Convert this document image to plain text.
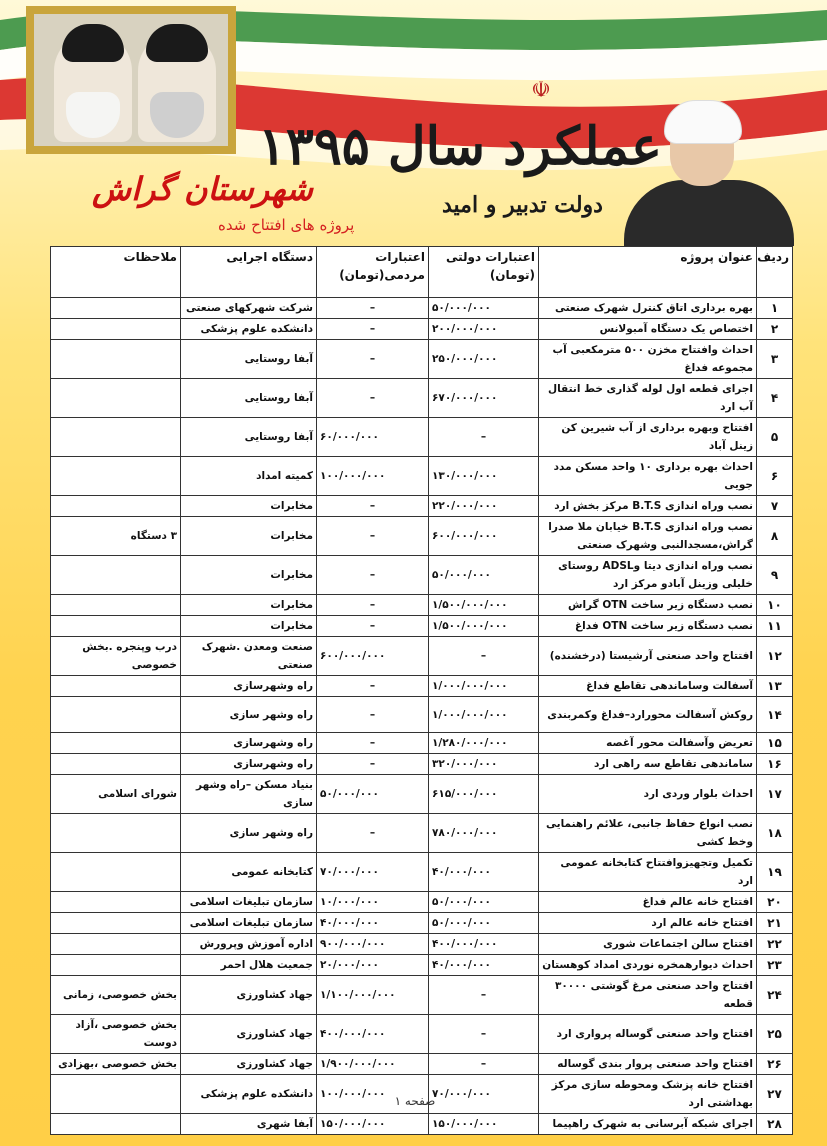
☫
عملکرد سال ۱۳۹۵
دولت تدبیر و امید
شهرستان گراش
پروژه های افتتاح شده
ردیف	عنوان پروژه	اعتبارات دولتی (تومان)	اعتبارات مردمی(تومان)	دستگاه اجرایی	ملاحظات
۱	بهره برداری اتاق کنترل شهرک صنعتی	۵۰/۰۰۰/۰۰۰	–	شرکت شهرکهای صنعتی	
۲	اختصاص یک دستگاه آمبولانس	۲۰۰/۰۰۰/۰۰۰	–	دانشکده علوم پزشکی	
۳	احداث وافتتاح مخزن ۵۰۰ مترمکعبی آب مجموعه فداغ	۲۵۰/۰۰۰/۰۰۰	–	آبفا روستایی	
۴	اجرای قطعه اول لوله گذاری خط انتقال آب ارد	۶۷۰/۰۰۰/۰۰۰	–	آبفا روستایی	
۵	افتتاح وبهره برداری از آب شیرین کن زینل آباد	–	۶۰/۰۰۰/۰۰۰	آبفا روستایی	
۶	احداث بهره برداری ۱۰ واحد مسکن مدد جویی	۱۳۰/۰۰۰/۰۰۰	۱۰۰/۰۰۰/۰۰۰	کمیته امداد	
۷	نصب وراه اندازی B.T.S مرکز بخش ارد	۲۲۰/۰۰۰/۰۰۰	–	مخابرات	
۸	نصب وراه اندازی B.T.S خیابان ملا صدرا گراش،مسجدالنبی وشهرک صنعتی	۶۰۰/۰۰۰/۰۰۰	–	مخابرات	۳ دستگاه
۹	نصب وراه اندازی دیتا وADSL روستای خلیلی وزینل آبادو مرکز ارد	۵۰/۰۰۰/۰۰۰	–	مخابرات	
۱۰	نصب دستگاه زیر ساخت OTN گراش	۱/۵۰۰/۰۰۰/۰۰۰	–	مخابرات	
۱۱	نصب دستگاه زیر ساخت OTN فداغ	۱/۵۰۰/۰۰۰/۰۰۰	–	مخابرات	
۱۲	افتتاح واحد صنعتی آرشیستا (درخشنده)	–	۶۰۰/۰۰۰/۰۰۰	صنعت ومعدن .شهرک صنعتی	درب وپنجره .بخش خصوصی
۱۳	آسفالت وساماندهی تقاطع فداغ	۱/۰۰۰/۰۰۰/۰۰۰	–	راه وشهرسازی	
۱۴	روکش آسفالت محورارد–فداغ وکمربندی	۱/۰۰۰/۰۰۰/۰۰۰	–	راه وشهر سازی	
۱۵	تعریض وآسفالت محور آغصه	۱/۲۸۰/۰۰۰/۰۰۰	–	راه وشهرسازی	
۱۶	ساماندهی تقاطع سه راهی ارد	۳۲۰/۰۰۰/۰۰۰	–	راه وشهرسازی	
۱۷	احداث بلوار وردی ارد	۶۱۵/۰۰۰/۰۰۰	۵۰/۰۰۰/۰۰۰	بنیاد مسکن –راه وشهر سازی	شورای اسلامی
۱۸	نصب انواع حفاظ جانبی، علائم راهنمایی وخط کشی	۷۸۰/۰۰۰/۰۰۰	–	راه وشهر سازی	
۱۹	تکمیل وتجهیزوافتتاح کتابخانه عمومی ارد	۴۰/۰۰۰/۰۰۰	۷۰/۰۰۰/۰۰۰	کتابخانه عمومی	
۲۰	افتتاح خانه عالم فداغ	۵۰/۰۰۰/۰۰۰	۱۰/۰۰۰/۰۰۰	سازمان تبلیغات اسلامی	
۲۱	افتتاح خانه عالم ارد	۵۰/۰۰۰/۰۰۰	۴۰/۰۰۰/۰۰۰	سازمان تبلیغات اسلامی	
۲۲	افتتاح سالن اجتماعات شوری	۴۰۰/۰۰۰/۰۰۰	۹۰۰/۰۰۰/۰۰۰	اداره آموزش وپرورش	
۲۳	احداث دیوارهمخره نوردی امداد کوهستان	۴۰/۰۰۰/۰۰۰	۲۰/۰۰۰/۰۰۰	جمعیت هلال احمر	
۲۴	افتتاح واحد صنعتی مرغ گوشتی ۳۰۰۰۰ قطعه	–	۱/۱۰۰/۰۰۰/۰۰۰	جهاد کشاورزی	بخش خصوصی، زمانی
۲۵	افتتاح واحد صنعتی گوساله پرواری ارد	–	۴۰۰/۰۰۰/۰۰۰	جهاد کشاورزی	بخش خصوصی ،آزاد دوست
۲۶	افتتاح واحد صنعتی پروار بندی گوساله	–	۱/۹۰۰/۰۰۰/۰۰۰	جهاد کشاورزی	بخش خصوصی ،بهزادی
۲۷	افتتاح خانه پزشک ومحوطه سازی مرکز بهداشتی ارد	۷۰/۰۰۰/۰۰۰	۱۰۰/۰۰۰/۰۰۰	دانشکده علوم پزشکی	
۲۸	اجرای شبکه آبرسانی به شهرک راهپیما	۱۵۰/۰۰۰/۰۰۰	۱۵۰/۰۰۰/۰۰۰	آبفا شهری	
صفحه ۱
